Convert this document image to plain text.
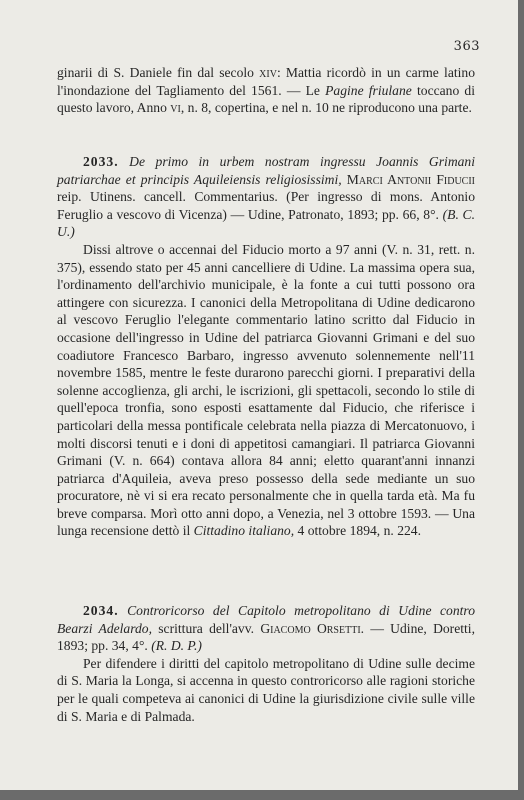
363

ginarii di S. Daniele fin dal secolo xiv: Mattia ricordò in un carme latino l'inondazione del Tagliamento del 1561. — Le Pagine friulane toccano di questo lavoro, Anno vi, n. 8, copertina, e nel n. 10 ne riproducono una parte.

2033. De primo in urbem nostram ingressu Joannis Grimani patriarchae et principis Aquileiensis religiosissimi, Marci Antonii Fiducii reip. Utinens. cancell. Commentarius. (Per ingresso di mons. Antonio Feruglio a vescovo di Vicenza) — Udine, Patronato, 1893; pp. 66, 8°. (B. C. U.)

Dissi altrove o accennai del Fiducio morto a 97 anni (V. n. 31, rett. n. 375), essendo stato per 45 anni cancelliere di Udine. La massima opera sua, l'ordinamento dell'archivio municipale, è la fonte a cui tutti possono ora attingere con sicurezza. I canonici della Metropolitana di Udine dedicarono al vescovo Feruglio l'elegante commentario latino scritto dal Fiducio in occasione dell'ingresso in Udine del patriarca Giovanni Grimani e del suo coadiutore Francesco Barbaro, ingresso avvenuto solennemente nell'11 novembre 1585, mentre le feste durarono parecchi giorni. I preparativi della solenne accoglienza, gli archi, le iscrizioni, gli spettacoli, secondo lo stile di quell'epoca tronfia, sono esposti esattamente dal Fiducio, che riferisce i particolari della messa pontificale celebrata nella piazza di Mercatonuovo, i molti discorsi tenuti e i doni di appetitosi camangiari. Il patriarca Giovanni Grimani (V. n. 664) contava allora 84 anni; eletto quarant'anni innanzi patriarca d'Aquileia, aveva preso possesso della sede mediante un suo procuratore, nè vi si era recato personalmente che in quella tarda età. Ma fu breve comparsa. Morì otto anni dopo, a Venezia, nel 3 ottobre 1593. — Una lunga recensione dettò il Cittadino italiano, 4 ottobre 1894, n. 224.

2034. Controricorso del Capitolo metropolitano di Udine contro Bearzi Adelardo, scrittura dell'avv. Giacomo Orsetti. — Udine, Doretti, 1893; pp. 34, 4°. (R. D. P.)

Per difendere i diritti del capitolo metropolitano di Udine sulle decime di S. Maria la Longa, si accenna in questo controricorso alle ragioni storiche per le quali competeva ai canonici di Udine la giurisdizione civile sulle ville di S. Maria e di Palmada.
